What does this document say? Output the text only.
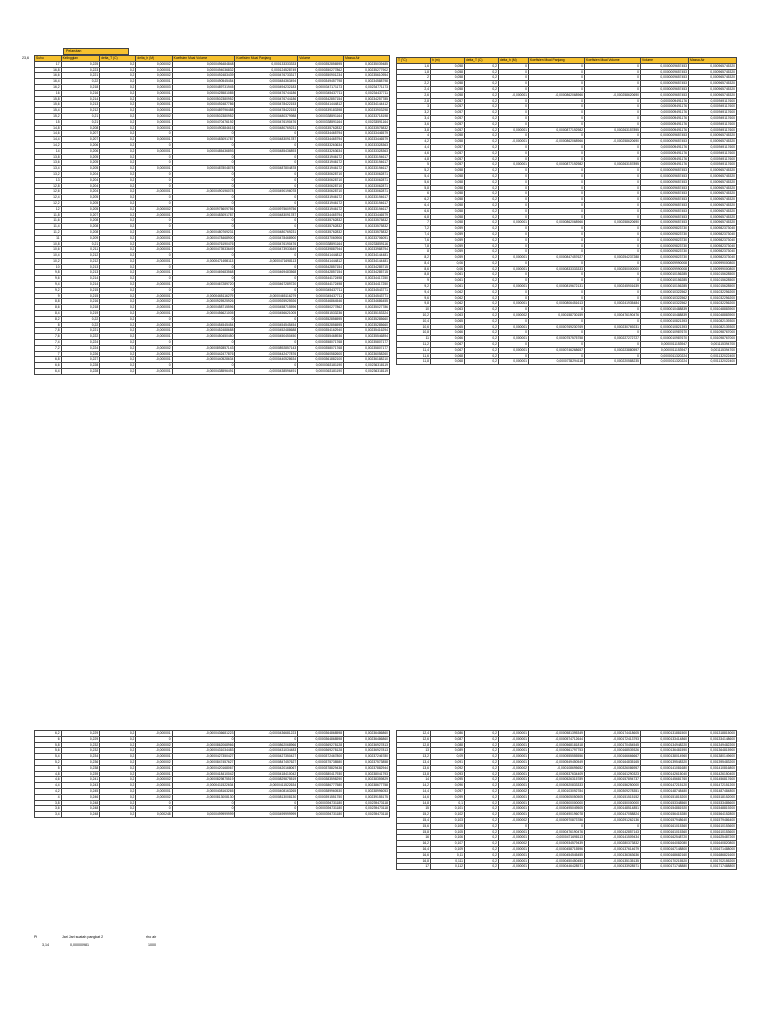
Pelarutan
23,6 Suhu	Kelinggian	delta_T (C)	delta_h (M)	Koefisien Muai Volume	Koefisien Muai Panjang	Volume	Massa Air
17	0,225	0,2	0,000002	0,0000496484848	0,000133333333	0,0000352856595	0,00235039485
16,8	0,223	0,2	0,000001	0,0000494036832	0,000124528749	0,0000350277862	0,00235277902
16,6	0,221	0,2	0,000002	0,0000492483439	0,0000476733317	0,0000350901234	0,00235610954
16,4	0,22	0,2	0,000001	0,0000490545454	0,0000484363494	0,0000349457798	0,00234588798
16,2	0,218	0,2	0,000003	0,0000489731945	0,0000494232183	0,0000347171173	0,00234771173
16	0,216	0,2	0,000001	0,0000425581085	0,0000476744186	0,0000345437711	0,00234437711
15,8	0,214	0,2	0,000001	0,0000502380952	0,0000476744186	0,0000342857154	0,00234257785
15,6	0,213	0,2	0,000001	0,0000492487786	0,0000478422153	0,0000341444812	0,00234144412
15,4	0,212	0,2	0,000001	0,0000489796488	0,0000478422153	0,0000339183398	0,00233903298
15,2	0,21	0,2	0,000002	0,0000502380952	0,0000480379988	0,0000338591164	0,00233718198
15	0,21	0,2	0,000001	0,0000470476192	0,0000476190476	0,0000338591164	0,00233591164
14,8	0,208	0,2	0,000001	0,0000490384615	0,0000480769231	0,0000335762832	0,00233575832
14,6	0,207	0,2	0	0	0	0,0000334465794	0,00233446579
14,4	0,207	0,2	0,000001	0,0000483091787	0,0000483091787	0,0000334465794	0,00233446579
14,2	0,206	0,2	0	0	0	0,0000333263634	0,00233328363
14	0,206	0,2	0,000001	0,0000485436893	0,0000485436893	0,0000333263634	0,00233328363
13,8	0,205	0,2	0	0	0	0,0000331946172	0,00233194617
13,6	0,205	0,2	0	0	0	0,0000331946172	0,00233194617
13,4	0,205	0,2	0,000001	0,0000487804878	0,0000487804878	0,0000331946172	0,00233194617
13,2	0,204	0,2	0	0	0	0,0000330628710	0,00233062871
13	0,204	0,2	0	0	0	0,0000330628710	0,00233062871
12,8	0,204	0,2	0	0	0	0,0000330628710	0,00233062871
12,6	0,204	0,2	-0,000001	-0,0000490196078	-0,0000490196078	0,0000330628710	0,00233062871
12,4	0,205	0,2	0	0	0	0,0000331946172	0,00233194617
12,2	0,205	0,2	0	0	0	0,0000331946172	0,00233194617
12	0,205	0,2	-0,000002	-0,0000975609756	-0,0000975609756	0,0000331946172	0,00233194617
11,8	0,207	0,2	-0,000001	-0,0000483091787	-0,0000483091787	0,0000334465794	0,00233446579
11,6	0,208	0,2	0	0	0	0,0000335762832	0,00233575832
11,4	0,208	0,2	0	0	0	0,0000335762832	0,00233575832
11,2	0,208	0,2	-0,000001	-0,0000480769231	-0,0000480769231	0,0000335762832	0,00233575832
11	0,209	0,2	-0,000001	-0,0000478468900	-0,0000478468900	0,0000337060906	0,00233706091
10,8	0,21	0,2	-0,000001	-0,0000476190476	-0,0000476190476	0,0000338591164	0,00233859116
10,6	0,211	0,2	-0,000001	-0,0000473933649	-0,0000473933649	0,0000339887944	0,00233988794
10,4	0,212	0,2	0	0	0	0,0000341444812	0,00234144481
10,2	0,212	0,2	-0,000001	-0,0000471698113	-0,0000471698113	0,0000341444812	0,00234144481
10	0,213	0,2	0	0	0	0,0000342857154	0,00234285715
9,8	0,213	0,2	-0,000001	-0,0000469483568	-0,0000469483568	0,0000342857154	0,00234285715
9,6	0,214	0,2	0	0	0	0,0000344172498	0,00234417250
9,4	0,214	0,2	-0,000001	-0,0000467289720	-0,0000467289720	0,0000344172498	0,00234417250
9,2	0,215	0,2	0	0	0	0,0000345437711	0,00234543771
9	0,215	0,2	-0,000001	-0,0000465116279	-0,0000465116279	0,0000345437711	0,00234543771
8,8	0,216	0,2	-0,000002	-0,0000925925926	-0,0000925925926	0,0000346864546	0,00234686455
8,6	0,218	0,2	-0,000001	-0,0000458715596	-0,0000458715596	0,0000350277862	0,00235027786
8,4	0,219	0,2	-0,000001	-0,0000456621005	-0,0000456621005	0,0000351533236	0,00235153324
8,2	0,22	0,2	0	0	0	0,0000352856595	0,00235285660
8	0,22	0,2	-0,000001	-0,0000454545454	-0,0000454545454	0,0000352856595	0,00235285660
7,8	0,221	0,2	-0,000001	-0,0000452488688	-0,0000452488688	0,0000354162940	0,00235416294
7,6	0,222	0,2	-0,000001	-0,0000450450450	-0,0000450450450	0,0000355468936	0,00235546894
7,4	0,224	0,2	0	0	0	0,0000358071768	0,00235807177
7,2	0,224	0,2	-0,000002	-0,0000892857143	-0,0000892857143	0,0000358071768	0,00235807177
7	0,226	0,2	-0,000001	-0,0000442477876	-0,0000442477876	0,0000360582600	0,00236058260
6,8	0,227	0,2	-0,000001	-0,0000440528634	-0,0000440528634	0,0000361882100	0,00236188210
6,6	0,228	0,2	0	0	0	0,0000363181190	0,00236318119
6,4	0,228	0,2	-0,000001	-0,0000438596491	-0,0000438596491	0,0000363181190	0,00236318119
T (°C)	h (m)	delta_T (C)	delta_h (M)	Koefisien Muai Panjang	Koefisien Muai Volume	Volume	Massa Air
1,6	0,058	0,2	0	0	0	0,0000009657453	0,000965745320
1,8	0,058	0,2	0	0	0	0,0000009657453	0,000965745320
2	0,058	0,2	0	0	0	0,0000009657453	0,000965745320
2,2	0,058	0,2	0	0	0	0,0000009657453	0,000965745320
2,4	0,058	0,2	0	0	0	0,0000009657453	0,000965745320
2,6	0,058	0,2	-0,000001	-0,0000862068966	-0,000258620690	0,0000009657453	0,000965745320
2,8	0,057	0,2	0	0	0	0,0000009491176	0,000949117600
3	0,057	0,2	0	0	0	0,0000009491176	0,000949117600
3,2	0,057	0,2	0	0	0	0,0000009491176	0,000949117600
3,4	0,057	0,2	0	0	0	0,0000009491176	0,000949117600
3,6	0,057	0,2	0	0	0	0,0000009491176	0,000949117600
3,8	0,057	0,2	0,000001	0,0000877192982	0,000263157895	0,0000009491176	0,000949117600
4	0,058	0,2	0	0	0	0,0000009657453	0,000965745320
4,2	0,058	0,2	-0,000001	-0,0000862068966	-0,000258620690	0,0000009657453	0,000965745320
4,4	0,057	0,2	0	0	0	0,0000009491176	0,000949117600
4,6	0,057	0,2	0	0	0	0,0000009491176	0,000949117600
4,8	0,057	0,2	0	0	0	0,0000009491176	0,000949117600
5	0,057	0,2	0,000001	0,0000877192982	0,000263157895	0,0000009491176	0,000949117600
5,2	0,058	0,2	0	0	0	0,0000009657453	0,000965745320
5,4	0,058	0,2	0	0	0	0,0000009657453	0,000965745320
5,6	0,058	0,2	0	0	0	0,0000009657453	0,000965745320
5,8	0,058	0,2	0	0	0	0,0000009657453	0,000965745320
6	0,058	0,2	0	0	0	0,0000009657453	0,000965745320
6,2	0,058	0,2	0	0	0	0,0000009657453	0,000965745320
6,4	0,058	0,2	0	0	0	0,0000009657453	0,000965745320
6,6	0,058	0,2	0	0	0	0,0000009657453	0,000965745320
6,8	0,058	0,2	0	0	0	0,0000009657453	0,000965745320
7	0,058	0,2	0,000001	0,0000862068966	0,000258620690	0,0000009657453	0,000965745320
7,2	0,059	0,2	0	0	0	0,0000009823730	0,000982373040
7,4	0,059	0,2	0	0	0	0,0000009823730	0,000982373040
7,6	0,059	0,2	0	0	0	0,0000009823730	0,000982373040
7,8	0,059	0,2	0	0	0	0,0000009823730	0,000982373040
8	0,059	0,2	0	0	0	0,0000009823730	0,000982373040
8,2	0,059	0,2	0,000001	0,0000847457627	0,000254237288	0,0000009823730	0,000982373040
8,4	0,06	0,2	0	0	0	0,0000009990008	0,000999000800
8,6	0,06	0,2	0,000001	0,0000833333333	0,000250000000	0,0000009990008	0,000999000800
8,8	0,061	0,2	0	0	0	0,0000010156285	0,001015628500
9	0,061	0,2	0	0	0	0,0000010156285	0,001015628500
9,2	0,061	0,2	0,000001	0,0000819672131	0,000245901639	0,0000010156285	0,001015628500
9,4	0,062	0,2	0	0	0	0,0000010322562	0,001032256200
9,6	0,062	0,2	0	0	0	0,0000010322562	0,001032256200
9,8	0,062	0,2	0,000001	0,0000806451613	0,000241935484	0,0000010322562	0,001032256200
10	0,063	0,2	0	0	0	0,0000010488839	0,001048883900
10,2	0,063	0,2	0,000002	0,000158730159	0,000476190476	0,0000010488839	0,001048883900
10,4	0,065	0,2	0	0	0	0,0000010821393	0,001082139300
10,6	0,065	0,2	0,000001	0,0000769230769	0,000230769231	0,0000010821393	0,001082139300
10,8	0,066	0,2	0	0	0	0,0000010987670	0,001098767000
11	0,066	0,2	0,000001	0,0000757575758	0,000227272727	0,0000010987670	0,001098767000
11,2	0,067	0,2	0	0	0	0,0000011153947	0,001115394700
11,4	0,067	0,2	0,000001	0,0000746268657	0,000223880597	0,0000011153947	0,001115394700
11,6	0,068	0,2	0	0	0	0,0000011320224	0,001132022400
11,8	0,068	0,2	0,000001	0,0000735294118	0,000220588235	0,0000011320224	0,001132022400
6,2	0,229	0,2	-0,000001	-0,0000436681223	-0,0000436681223	0,0000364868598	0,00236486860
6	0,229	0,2	0	0	0	0,0000364868598	0,00236486860
5,8	0,232	0,2	-0,000002	-0,0000862068966	-0,0000862068966	0,0000369278128	0,00236927813
5,6	0,232	0,2	-0,000001	-0,0000431034483	-0,0000431034483	0,0000369278128	0,00236927813
5,4	0,234	0,2	-0,000001	-0,0000427350427	-0,0000427350427	0,0000372467800	0,00237246780
5,2	0,236	0,2	-0,000002	-0,0000847457627	-0,0000847457627	0,0000375738580	0,00237573858
5	0,238	0,2	-0,000001	-0,0000420168067	-0,0000420168067	0,0000378829436	0,00237882944
4,8	0,239	0,2	-0,000001	-0,0000418410042	-0,0000418410042	0,0000380417930	0,00238041793
4,6	0,241	0,2	-0,000002	-0,0000829875519	-0,0000829875519	0,0000383598290	0,00238359829
4,4	0,243	0,2	-0,000001	-0,0000411522634	-0,0000411522634	0,0000386777580	0,00238677758
4,2	0,245	0,2	-0,000001	-0,0000408163265	-0,0000408163265	0,0000389960530	0,00238996053
4	0,246	0,2	-0,000002	-0,0000813008130	-0,0000813008130	0,0000391551750	0,00239155175
3,8	0,248	0,2	0	0	0	0,0000394731180	0,00239473118
3,6	0,248	0,2	0	0	0	0,0000394731180	0,00239473118
3,4	0,248	0,2	0,000248	0,0000499999999	0,0000499999999	0,0000394731180	0,00239473118
12,4	0,086	0,2	-0,000001	-0,0000581395349	-0,000174418605	0,0000131881500	0,001318815000
12,6	0,087	0,2	-0,000001	-0,0000574712644	-0,000172413793	0,0000133414860	0,001334148600
12,8	0,088	0,2	-0,000001	-0,0000568181818	-0,000170454545	0,0000134948220	0,001349482200
13	0,089	0,2	-0,000001	-0,0000561797753	-0,000168539326	0,0000136481590	0,001364815900
13,2	0,09	0,2	-0,000001	-0,0000555555556	-0,000166666667	0,0000138014960	0,001380149600
13,4	0,091	0,2	-0,000001	-0,0000549450549	-0,000164835165	0,0000139548320	0,001395483200
13,6	0,092	0,2	-0,000002	-0,000108695652	-0,000326086957	0,0000141081680	0,001410816800
13,8	0,093	0,2	-0,000001	-0,0000537634409	-0,000161290323	0,0000142615040	0,001426150400
14	0,095	0,2	-0,000001	-0,0000526315789	-0,000157894737	0,0000145681760	0,001456817600
14,2	0,096	0,2	-0,000001	-0,0000520833333	-0,000156250000	0,0000147215120	0,001472151200
14,4	0,097	0,2	-0,000002	-0,000103092784	-0,000309278351	0,0000148748480	0,001487484800
14,6	0,099	0,2	-0,000001	-0,0000505050505	-0,000151515152	0,0000151815200	0,001518152000
14,8	0,1	0,2	-0,000001	-0,0000500000000	-0,000150000000	0,0000153348560	0,001533485600
15	0,101	0,2	-0,000001	-0,0000495049505	-0,000148514851	0,0000154881920	0,001548819200
15,2	0,102	0,2	-0,000001	-0,0000490196078	-0,000147058824	0,0000156415280	0,001564152800
15,4	0,103	0,2	-0,000002	-0,0000970873786	-0,000291262136	0,0000157948640	0,001579486400
15,6	0,105	0,2	0	0	0	0,0000161015360	0,001610153600
15,8	0,105	0,2	-0,000001	-0,0000476190476	-0,000142857143	0,0000161015360	0,001610153600
16	0,106	0,2	-0,000001	-0,0000471698113	-0,000141509434	0,0000162548720	0,001625487200
16,2	0,107	0,2	-0,000002	-0,0000934579439	-0,000280373832	0,0000164082080	0,001640820800
16,4	0,109	0,2	-0,000001	-0,0000458715596	-0,000137614679	0,0000167148800	0,001671488000
16,6	0,11	0,2	-0,000001	-0,0000454545455	-0,000136363636	0,0000168682160	0,001686821600
16,8	0,111	0,2	-0,000001	-0,0000450450450	-0,000135135135	0,0000170215520	0,001702155200
17	0,112	0,2	-0,000001	-0,0000446428571	-0,000133928571	0,0000171748880	0,001717488800
Pi	Jari Jari suatah pangkat 2	rho air
3,14	0,00000981	1000
